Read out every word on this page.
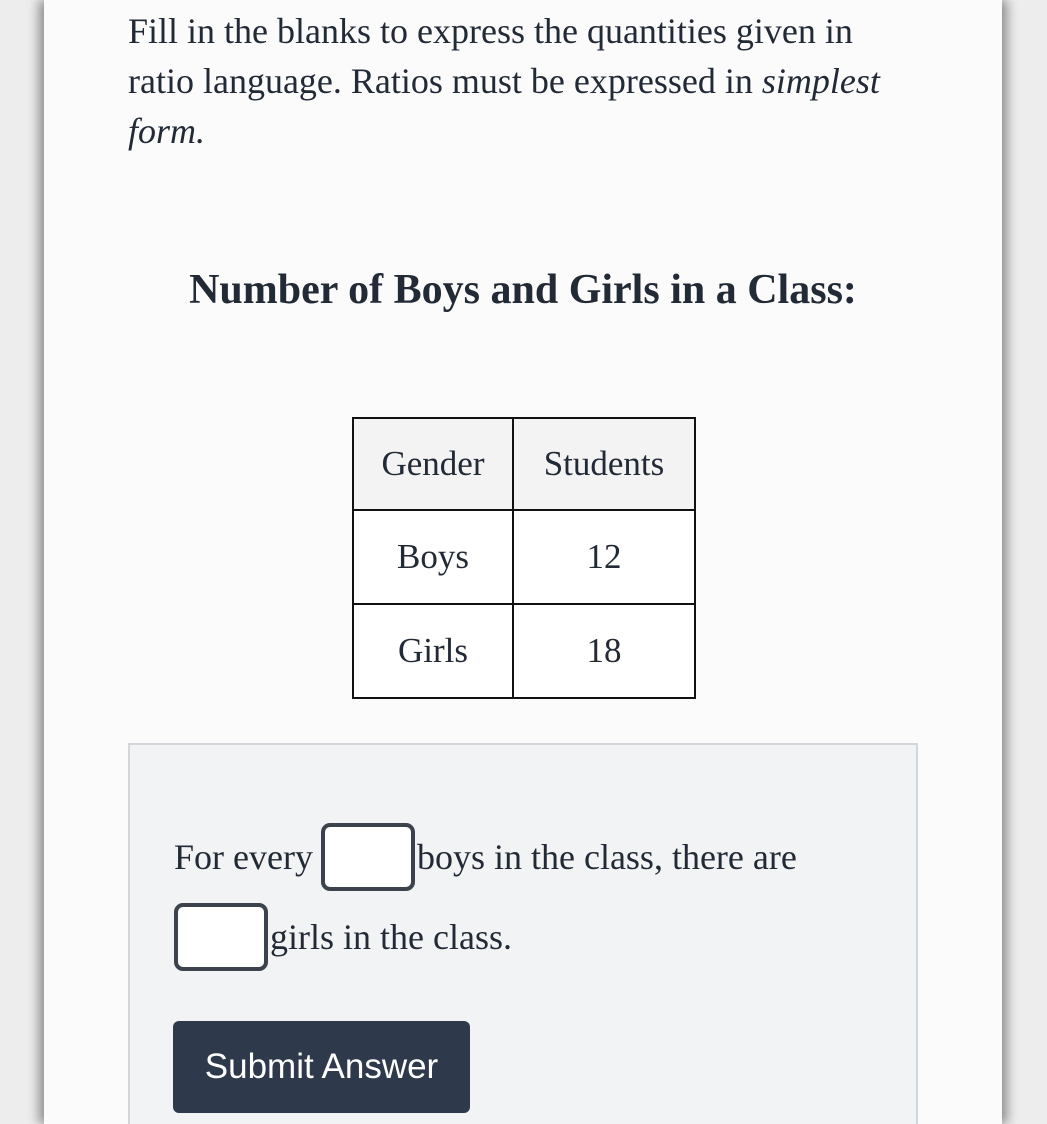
Fill in the blanks to express the quantities given in ratio language. Ratios must be expressed in simplest form.

Number of Boys and Girls in a Class:
Gender	Students
Boys	12
Girls	18
For every	boys in the class, there are
girls in the class.
Submit Answer
